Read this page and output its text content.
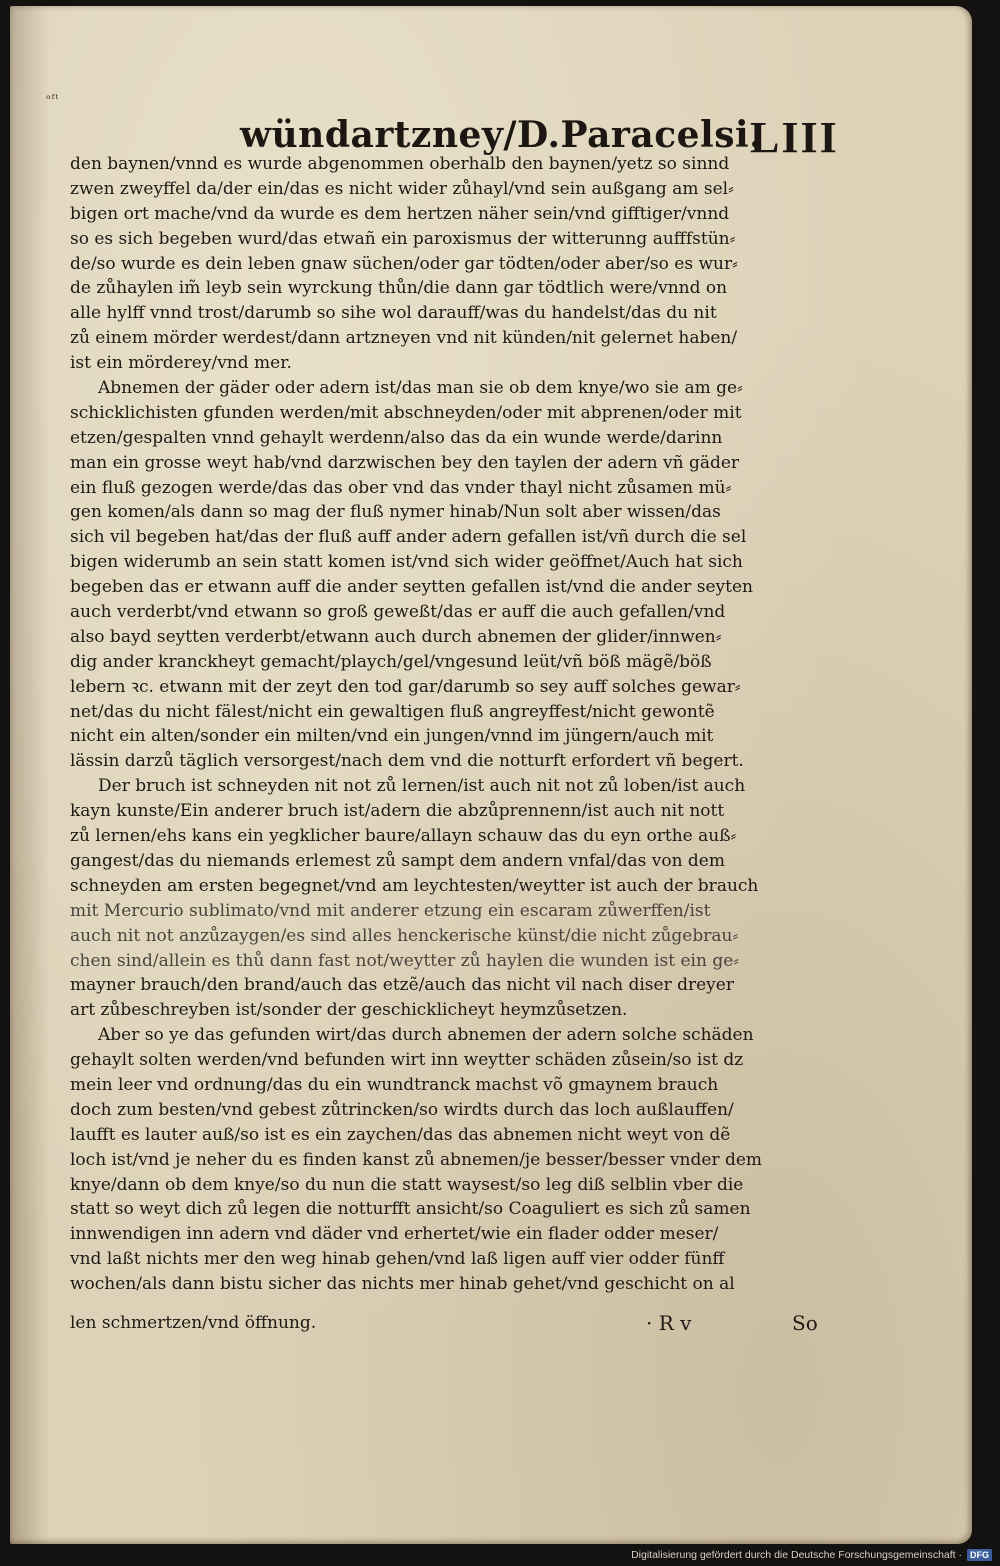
ᵒᶠᵗ
wündartzney/D.Paracelsi.
LIII
den baynen/vnnd es wurde abgenommen oberhalb den baynen/yetz so sinnd
zwen zweyffel da/der ein/das es nicht wider zůhayl/vnd sein außgang am sel⸗
bigen ort mache/vnd da wurde es dem hertzen näher sein/vnd gifftiger/vnnd
so es sich begeben wurd/das etwañ ein paroxismus der witterunng aufffstün⸗
de/so wurde es dein leben gnaw süchen/oder gar tödten/oder aber/so es wur⸗
de zůhaylen im̃ leyb sein wyrckung thůn/die dann gar tödtlich were/vnnd on
alle hylff vnnd trost/darumb so sihe wol darauff/was du handelst/das du nit
zů einem mörder werdest/dann artzneyen vnd nit künden/nit gelernet haben/
ist ein mörderey/vnd mer.
Abnemen der gäder oder adern ist/das man sie ob dem knye/wo sie am ge⸗
schicklichisten gfunden werden/mit abschneyden/oder mit abprenen/oder mit
etzen/gespalten vnnd gehaylt werdenn/also das da ein wunde werde/darinn
man ein grosse weyt hab/vnd darzwischen bey den taylen der adern vñ gäder
ein fluß gezogen werde/das das ober vnd das vnder thayl nicht zůsamen mü⸗
gen komen/als dann so mag der fluß nymer hinab/Nun solt aber wissen/das
sich vil begeben hat/das der fluß auff ander adern gefallen ist/vñ durch die sel
bigen widerumb an sein statt komen ist/vnd sich wider geöffnet/Auch hat sich
begeben das er etwann auff die ander seytten gefallen ist/vnd die ander seyten
auch verderbt/vnd etwann so groß geweßt/das er auff die auch gefallen/vnd
also bayd seytten verderbt/etwann auch durch abnemen der glider/innwen⸗
dig ander kranckheyt gemacht/playch/gel/vngesund leüt/vñ böß mägẽ/böß
lebern ꝛc. etwann mit der zeyt den tod gar/darumb so sey auff solches gewar⸗
net/das du nicht fälest/nicht ein gewaltigen fluß angreyffest/nicht gewontẽ
nicht ein alten/sonder ein milten/vnd ein jungen/vnnd im jüngern/auch mit
lässin darzů täglich versorgest/nach dem vnd die notturft erfordert vñ begert.
Der bruch ist schneyden nit not zů lernen/ist auch nit not zů loben/ist auch
kayn kunste/Ein anderer bruch ist/adern die abzůprennenn/ist auch nit nott
zů lernen/ehs kans ein yegklicher baure/allayn schauw das du eyn orthe auß⸗
gangest/das du niemands erlemest zů sampt dem andern vnfal/das von dem
schneyden am ersten begegnet/vnd am leychtesten/weytter ist auch der brauch
mit Mercurio sublimato/vnd mit anderer etzung ein escaram zůwerffen/ist
auch nit not anzůzaygen/es sind alles henckerische künst/die nicht zůgebrau⸗
chen sind/allein es thů dann fast not/weytter zů haylen die wunden ist ein ge⸗
mayner brauch/den brand/auch das etzẽ/auch das nicht vil nach diser dreyer
art zůbeschreyben ist/sonder der geschicklicheyt heymzůsetzen.
Aber so ye das gefunden wirt/das durch abnemen der adern solche schäden
gehaylt solten werden/vnd befunden wirt inn weytter schäden zůsein/so ist dz
mein leer vnd ordnung/das du ein wundtranck machst võ gmaynem brauch
doch zum besten/vnd gebest zůtrincken/so wirdts durch das loch außlauffen/
laufft es lauter auß/so ist es ein zaychen/das das abnemen nicht weyt von dẽ
loch ist/vnd je neher du es finden kanst zů abnemen/je besser/besser vnder dem
knye/dann ob dem knye/so du nun die statt waysest/so leg diß selblin vber die
statt so weyt dich zů legen die notturfft ansicht/so Coaguliert es sich zů samen
innwendigen inn adern vnd däder vnd erhertet/wie ein flader odder meser/
vnd laßt nichts mer den weg hinab gehen/vnd laß ligen auff vier odder fünff
wochen/als dann bistu sicher das nichts mer hinab gehet/vnd geschicht on al
len schmertzen/vnd öffnung.	· R v	So
Digitalisierung gefördert durch die Deutsche Forschungsgemeinschaft · DFG
